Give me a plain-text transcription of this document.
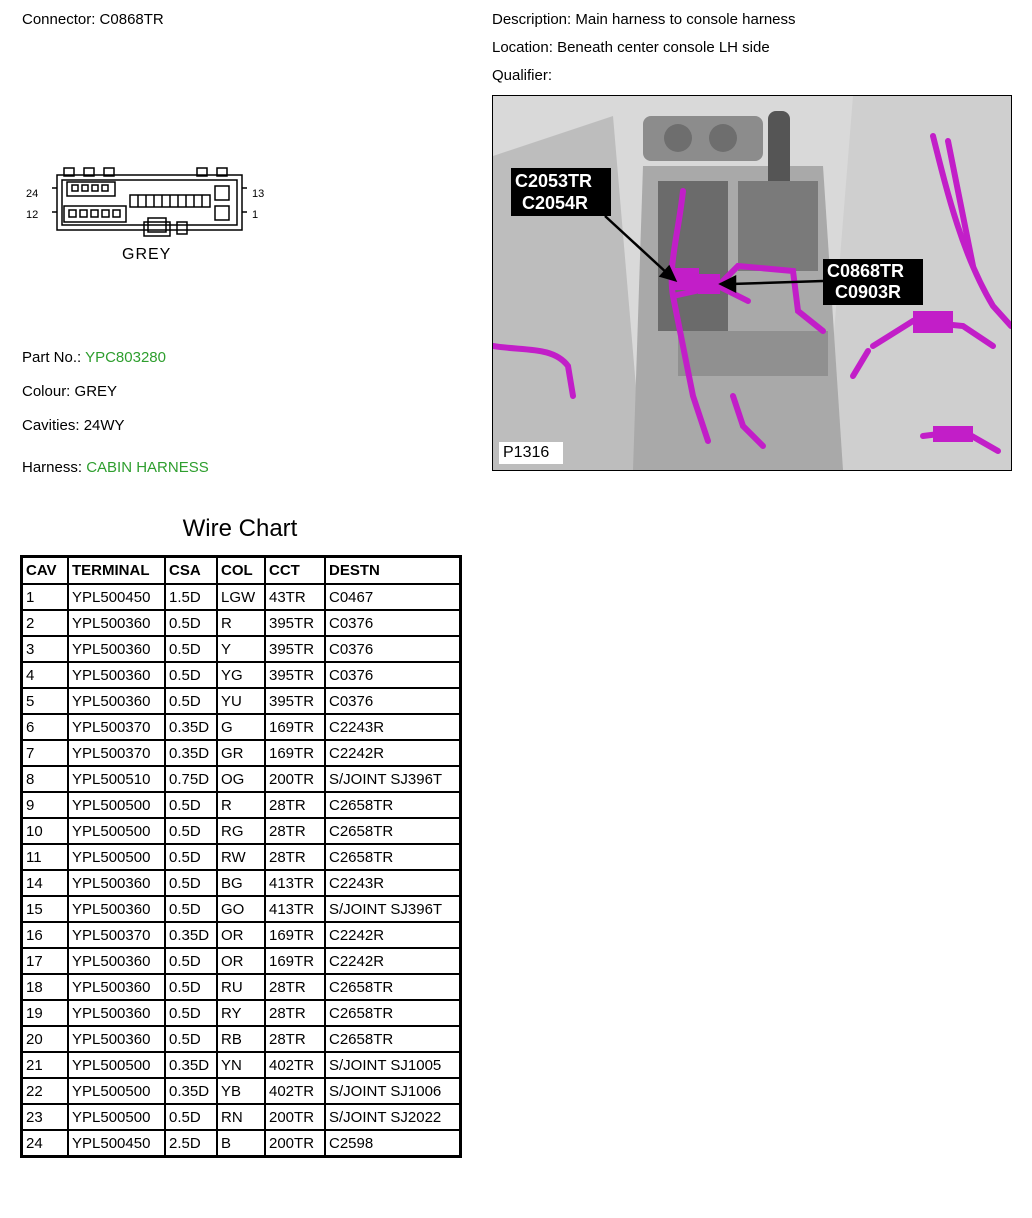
Connector: C0868TR	Description: Main harness to console harness
Location: Beneath center console LH side
Qualifier:
24
12
13
1
GREY
Part No.: YPC803280
Colour: GREY
Cavities: 24WY
Harness: CABIN HARNESS
C2053TR
C2054R
C0868TR
C0903R
P1316
Wire Chart
CAV	TERMINAL	CSA	COL	CCT	DESTN
1	YPL500450	1.5D	LGW	43TR	C0467
2	YPL500360	0.5D	R	395TR	C0376
3	YPL500360	0.5D	Y	395TR	C0376
4	YPL500360	0.5D	YG	395TR	C0376
5	YPL500360	0.5D	YU	395TR	C0376
6	YPL500370	0.35D	G	169TR	C2243R
7	YPL500370	0.35D	GR	169TR	C2242R
8	YPL500510	0.75D	OG	200TR	S/JOINT SJ396T
9	YPL500500	0.5D	R	28TR	C2658TR
10	YPL500500	0.5D	RG	28TR	C2658TR
11	YPL500500	0.5D	RW	28TR	C2658TR
14	YPL500360	0.5D	BG	413TR	C2243R
15	YPL500360	0.5D	GO	413TR	S/JOINT SJ396T
16	YPL500370	0.35D	OR	169TR	C2242R
17	YPL500360	0.5D	OR	169TR	C2242R
18	YPL500360	0.5D	RU	28TR	C2658TR
19	YPL500360	0.5D	RY	28TR	C2658TR
20	YPL500360	0.5D	RB	28TR	C2658TR
21	YPL500500	0.35D	YN	402TR	S/JOINT SJ1005
22	YPL500500	0.35D	YB	402TR	S/JOINT SJ1006
23	YPL500500	0.5D	RN	200TR	S/JOINT SJ2022
24	YPL500450	2.5D	B	200TR	C2598
